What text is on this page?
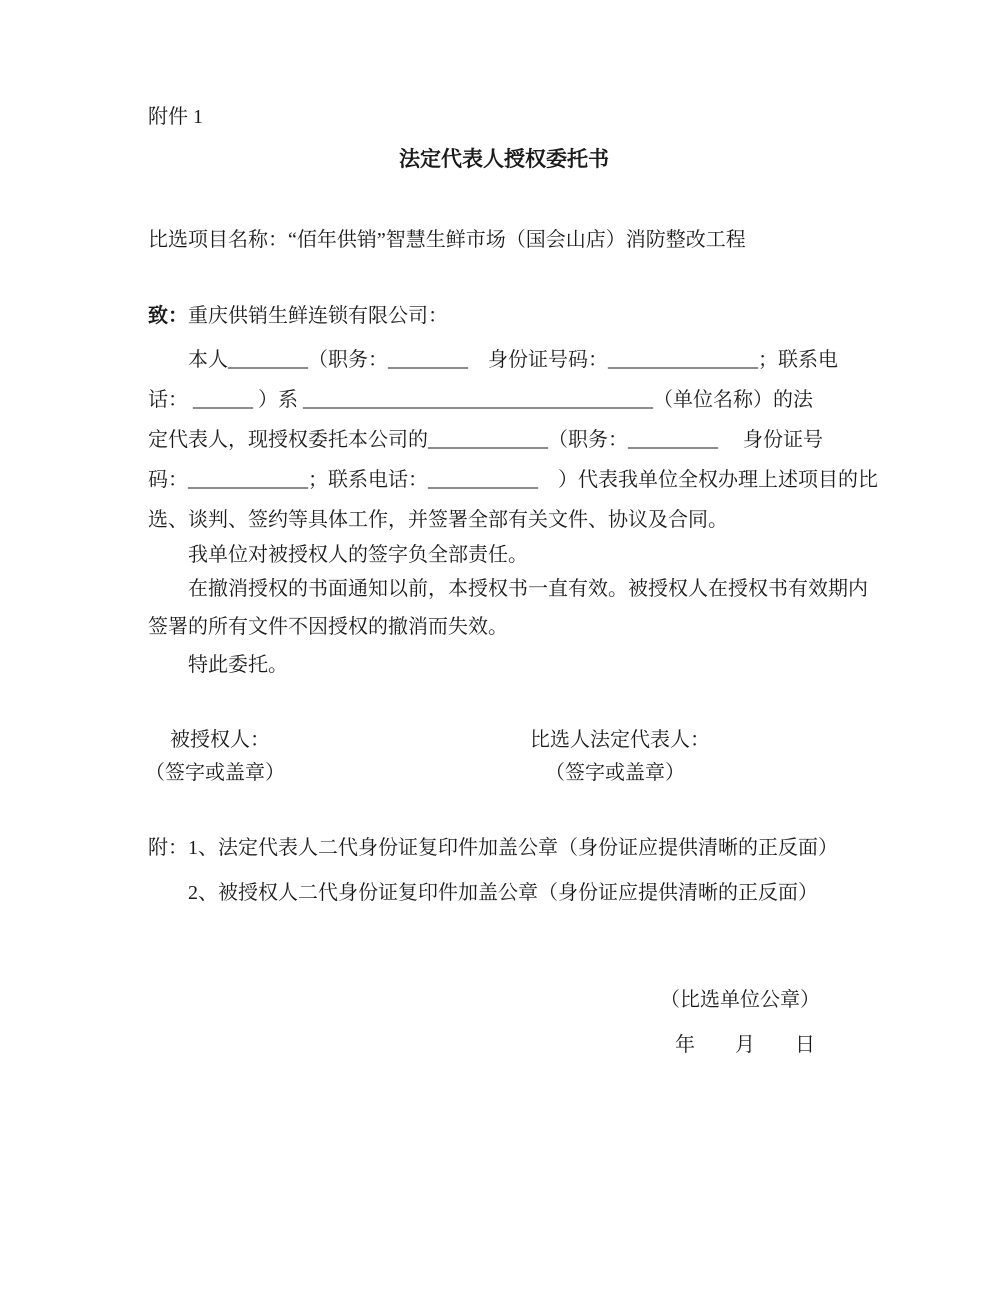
附件 1
法定代表人授权委托书
比选项目名称：“佰年供销”智慧生鲜市场（国会山店）消防整改工程
致：重庆供销生鲜连锁有限公司：
本人________（职务：________　身份证号码：_______________；联系电
话： ______ ）系 ___________________________________（单位名称）的法
定代表人，现授权委托本公司的____________（职务：_________　 身份证号
码：____________；联系电话：___________　）代表我单位全权办理上述项目的比
选、谈判、签约等具体工作，并签署全部有关文件、协议及合同。
我单位对被授权人的签字负全部责任。
在撤消授权的书面通知以前，本授权书一直有效。被授权人在授权书有效期内
签署的所有文件不因授权的撤消而失效。
特此委托。
被授权人：
（签字或盖章）
比选人法定代表人：
（签字或盖章）
附：1、法定代表人二代身份证复印件加盖公章（身份证应提供清晰的正反面）
2、被授权人二代身份证复印件加盖公章（身份证应提供清晰的正反面）
（比选单位公章）
年　　月　　日
